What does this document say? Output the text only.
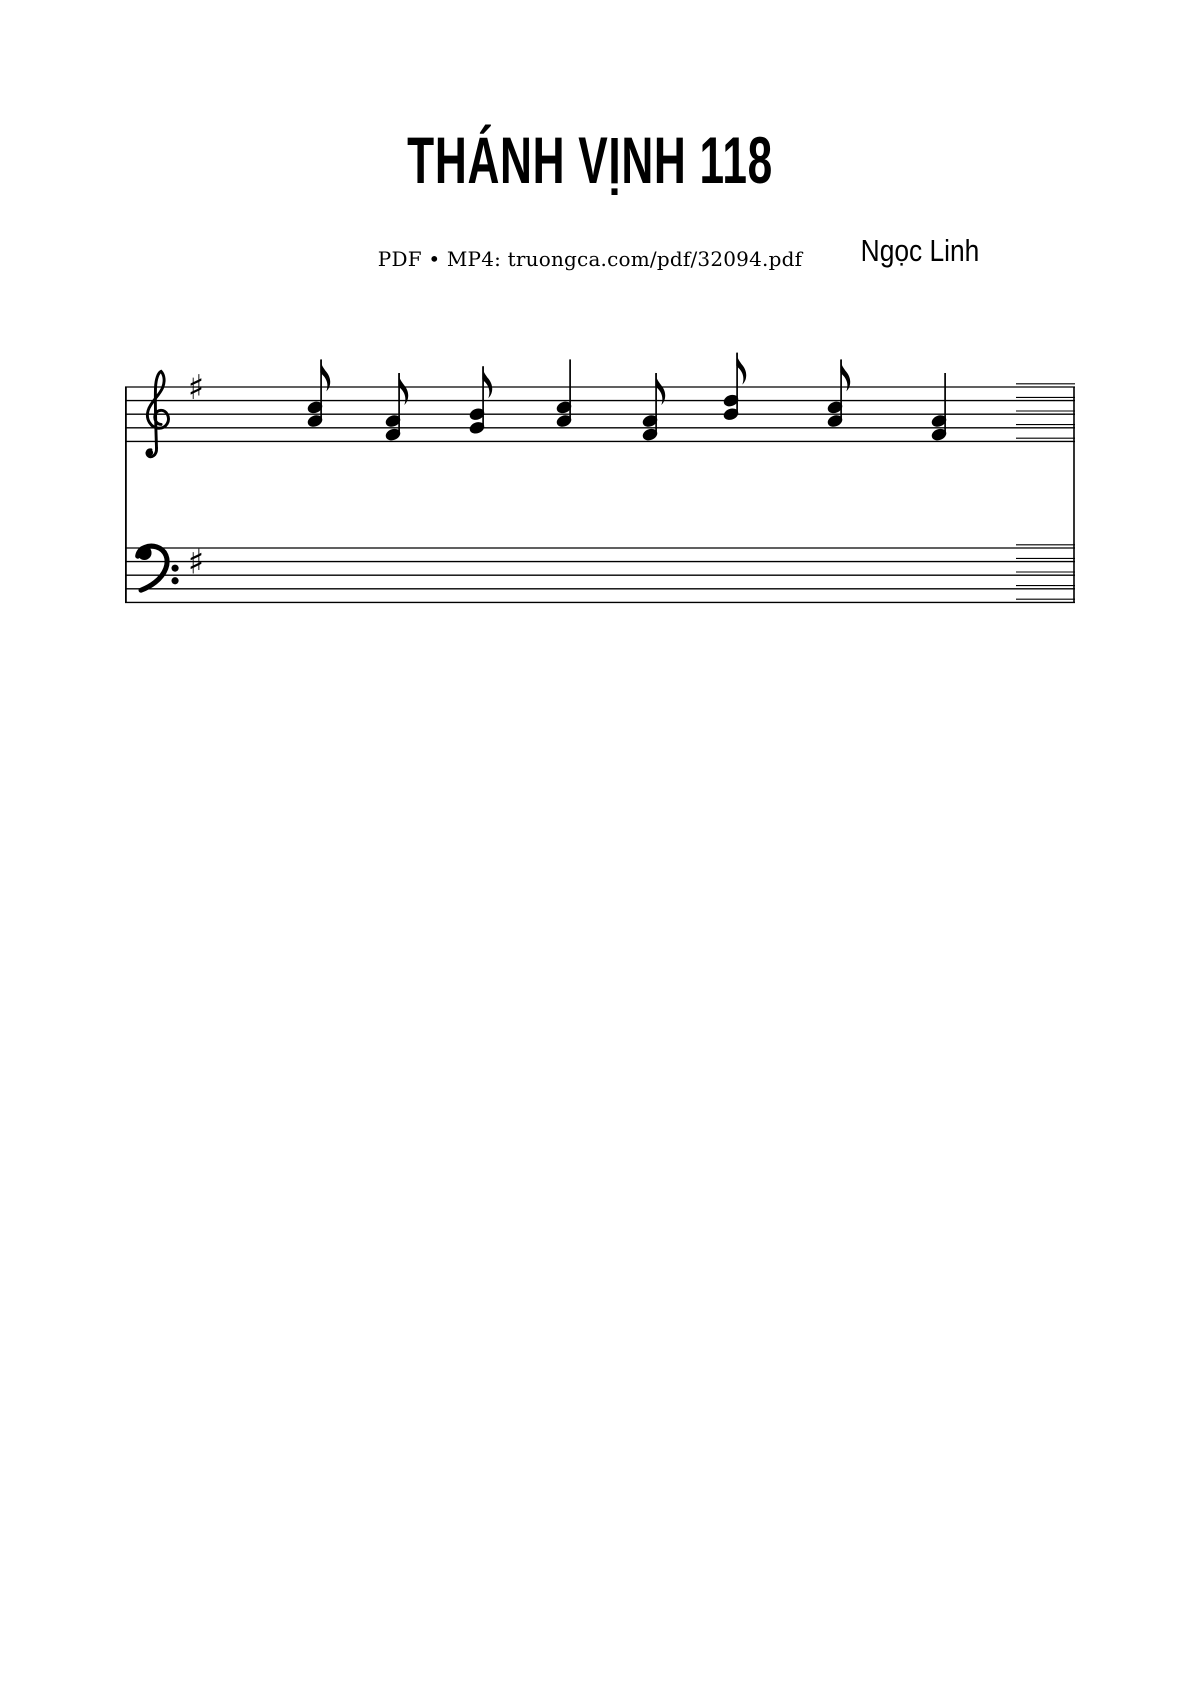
THÁNH VỊNH 118
PDF • MP4: truongca.com/pdf/32094.pdf Ngọc Linh
♯
♯
